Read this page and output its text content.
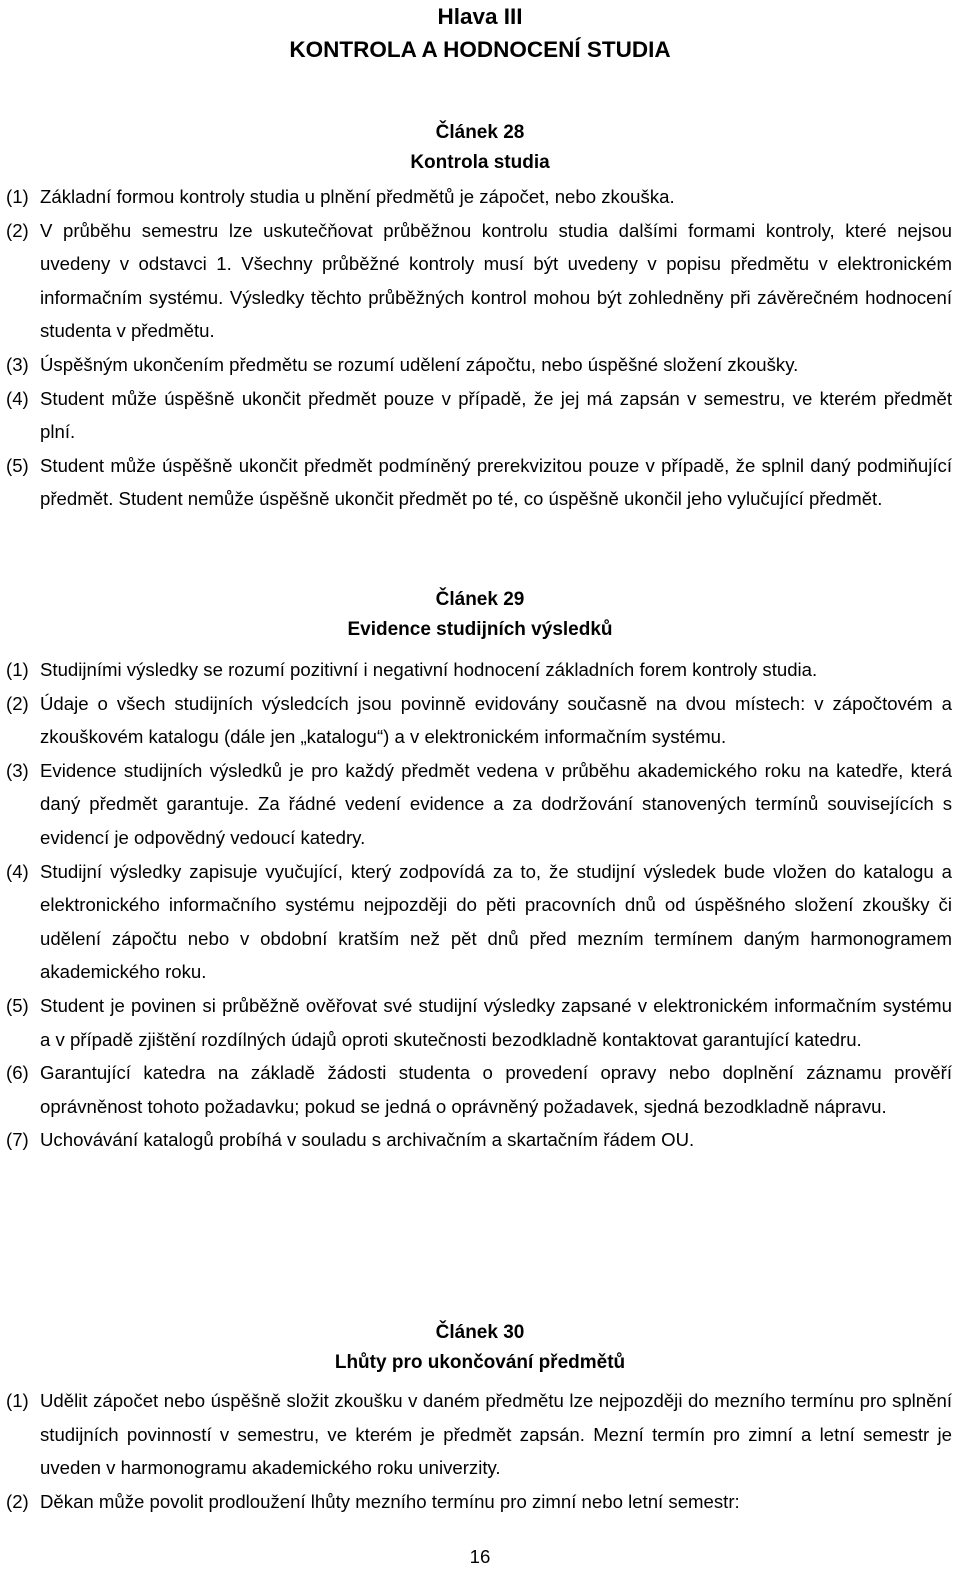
Hlava III
KONTROLA A HODNOCENÍ STUDIA
Článek 28
Kontrola studia
(1) Základní formou kontroly studia u plnění předmětů je zápočet, nebo zkouška.
(2) V průběhu semestru lze uskutečňovat průběžnou kontrolu studia dalšími formami kontroly, které nejsou uvedeny v odstavci 1. Všechny průběžné kontroly musí být uvedeny v popisu předmětu v elektronickém informačním systému. Výsledky těchto průběžných kontrol mohou být zohledněny při závěrečném hodnocení studenta v předmětu.
(3) Úspěšným ukončením předmětu se rozumí udělení zápočtu, nebo úspěšné složení zkoušky.
(4) Student může úspěšně ukončit předmět pouze v případě, že jej má zapsán v semestru, ve kterém předmět plní.
(5) Student může úspěšně ukončit předmět podmíněný prerekvizitou pouze v případě, že splnil daný podmiňující předmět. Student nemůže úspěšně ukončit předmět po té, co úspěšně ukončil jeho vylučující předmět.
Článek 29
Evidence studijních výsledků
(1) Studijními výsledky se rozumí pozitivní i negativní hodnocení základních forem kontroly studia.
(2) Údaje o všech studijních výsledcích jsou povinně evidovány současně na dvou místech: v zápočtovém a zkouškovém katalogu (dále jen „katalogu“) a v elektronickém informačním systému.
(3) Evidence studijních výsledků je pro každý předmět vedena v průběhu akademického roku na katedře, která daný předmět garantuje. Za řádné vedení evidence a za dodržování stanovených termínů souvisejících s evidencí je odpovědný vedoucí katedry.
(4) Studijní výsledky zapisuje vyučující, který zodpovídá za to, že studijní výsledek bude vložen do katalogu a elektronického informačního systému nejpozději do pěti pracovních dnů od úspěšného složení zkoušky či udělení zápočtu nebo v obdobní kratším než pět dnů před mezním termínem daným harmonogramem akademického roku.
(5) Student je povinen si průběžně ověřovat své studijní výsledky zapsané v elektronickém informačním systému a v případě zjištění rozdílných údajů oproti skutečnosti bezodkladně kontaktovat garantující katedru.
(6) Garantující katedra na základě žádosti studenta o provedení opravy nebo doplnění záznamu prověří oprávněnost tohoto požadavku; pokud se jedná o oprávněný požadavek, sjedná bezodkladně nápravu.
(7) Uchovávání katalogů probíhá v souladu s archivačním a skartačním řádem OU.
Článek 30
Lhůty pro ukončování předmětů
(1) Udělit zápočet nebo úspěšně složit zkoušku v daném předmětu lze nejpozději do mezního termínu pro splnění studijních povinností v semestru, ve kterém je předmět zapsán. Mezní termín pro zimní a letní semestr je uveden v harmonogramu akademického roku univerzity.
(2) Děkan může povolit prodloužení lhůty mezního termínu pro zimní nebo letní semestr:
16
